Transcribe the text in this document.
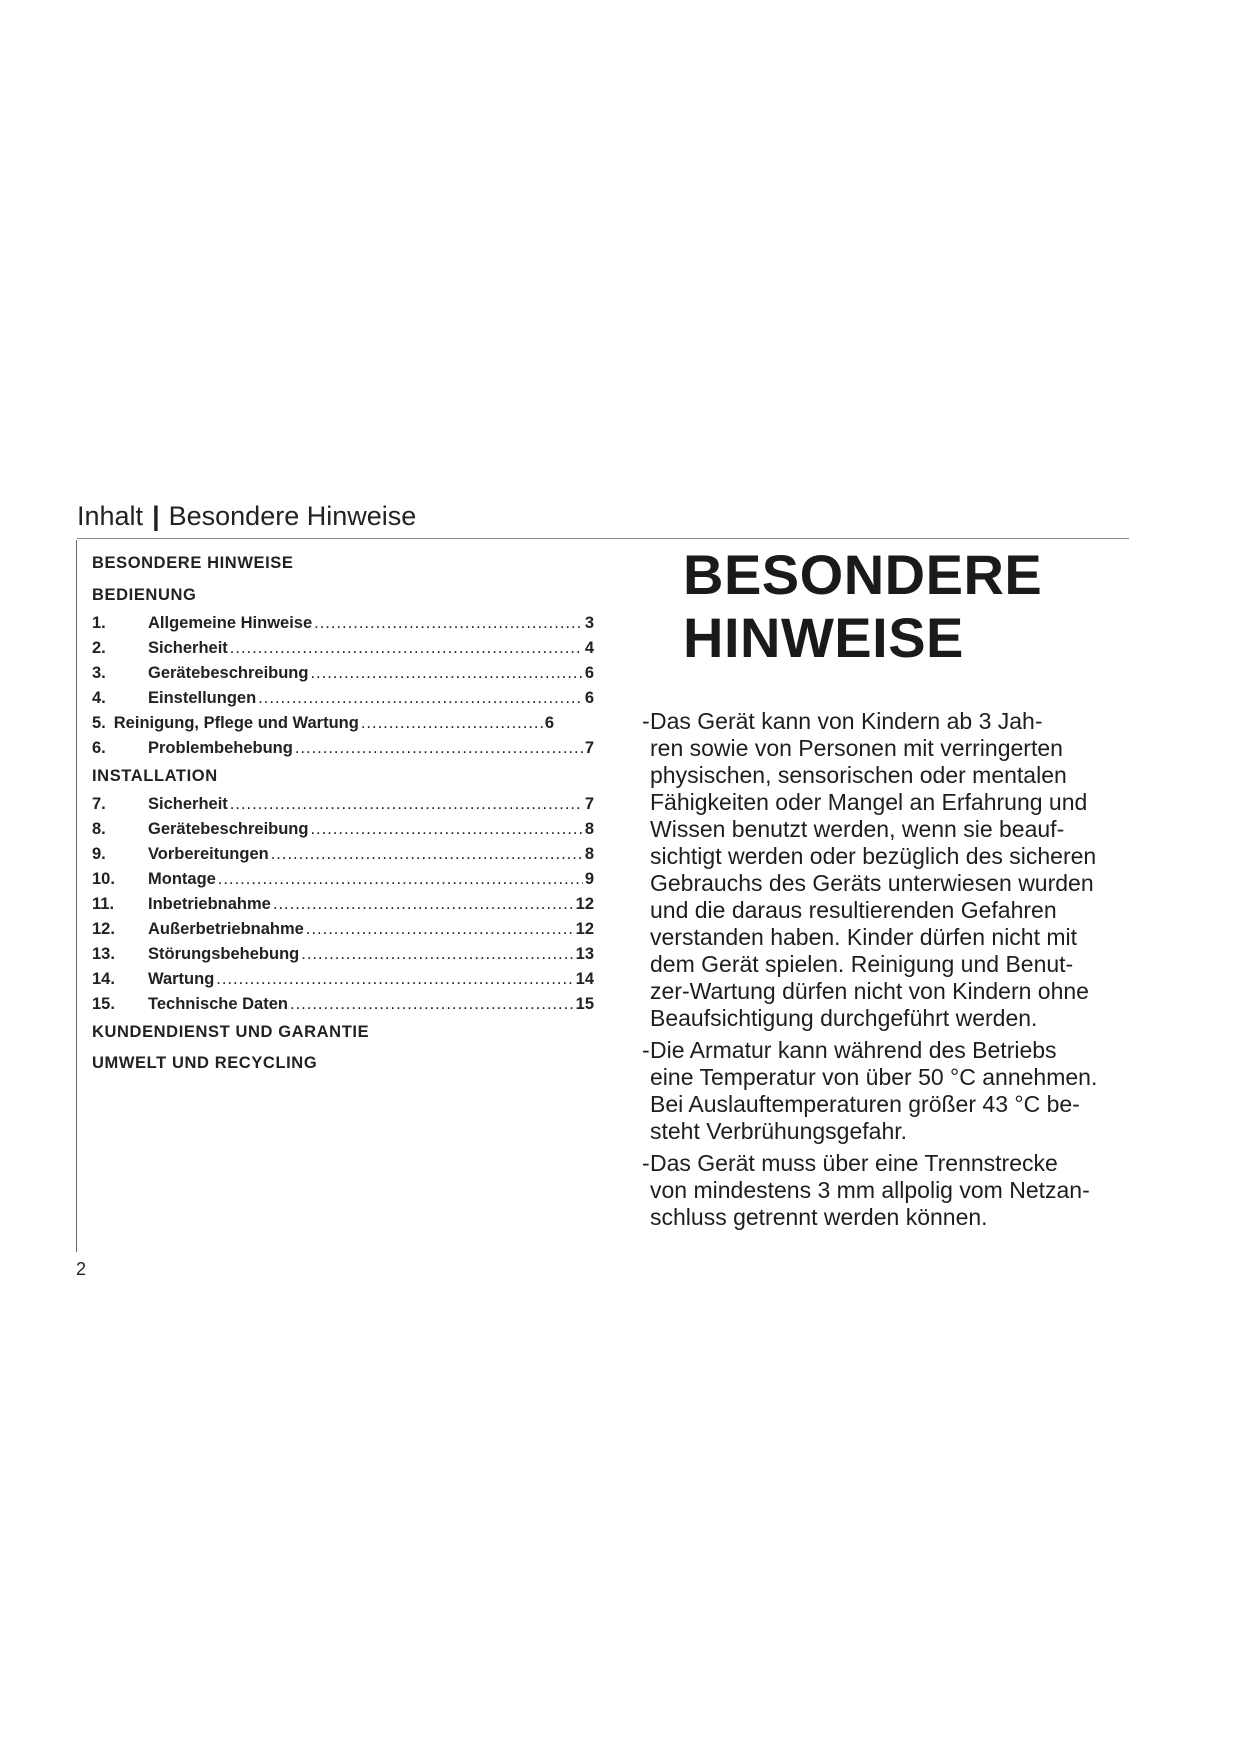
Inhalt | Besondere Hinweise
BESONDERE HINWEISE
BEDIENUNG
1.	Allgemeine Hinweise .....	3
2.	Sicherheit .....	4
3.	Gerätebeschreibung .....	6
4.	Einstellungen .....	6
5. Reinigung, Pflege und Wartung .....	6
6.	Problembehebung .....	7
INSTALLATION
7.	Sicherheit .....	7
8.	Gerätebeschreibung .....	8
9.	Vorbereitungen .....	8
10.	Montage .....	9
11.	Inbetriebnahme .....	12
12.	Außerbetriebnahme .....	12
13.	Störungsbehebung .....	13
14.	Wartung .....	14
15.	Technische Daten .....	15
KUNDENDIENST UND GARANTIE
UMWELT UND RECYCLING
BESONDERE
HINWEISE
- Das Gerät kann von Kindern ab 3 Jah-
ren sowie von Personen mit verringerten
physischen, sensorischen oder mentalen
Fähigkeiten oder Mangel an Erfahrung und
Wissen benutzt werden, wenn sie beauf-
sichtigt werden oder bezüglich des sicheren
Gebrauchs des Geräts unterwiesen wurden
und die daraus resultierenden Gefahren
verstanden haben. Kinder dürfen nicht mit
dem Gerät spielen. Reinigung und Benut-
zer-Wartung dürfen nicht von Kindern ohne
Beaufsichtigung durchgeführt werden.
- Die Armatur kann während des Betriebs
eine Temperatur von über 50 °C annehmen.
Bei Auslauftemperaturen größer 43 °C be-
steht Verbrühungsgefahr.
- Das Gerät muss über eine Trennstrecke
von mindestens 3 mm allpolig vom Netzan-
schluss getrennt werden können.
2
